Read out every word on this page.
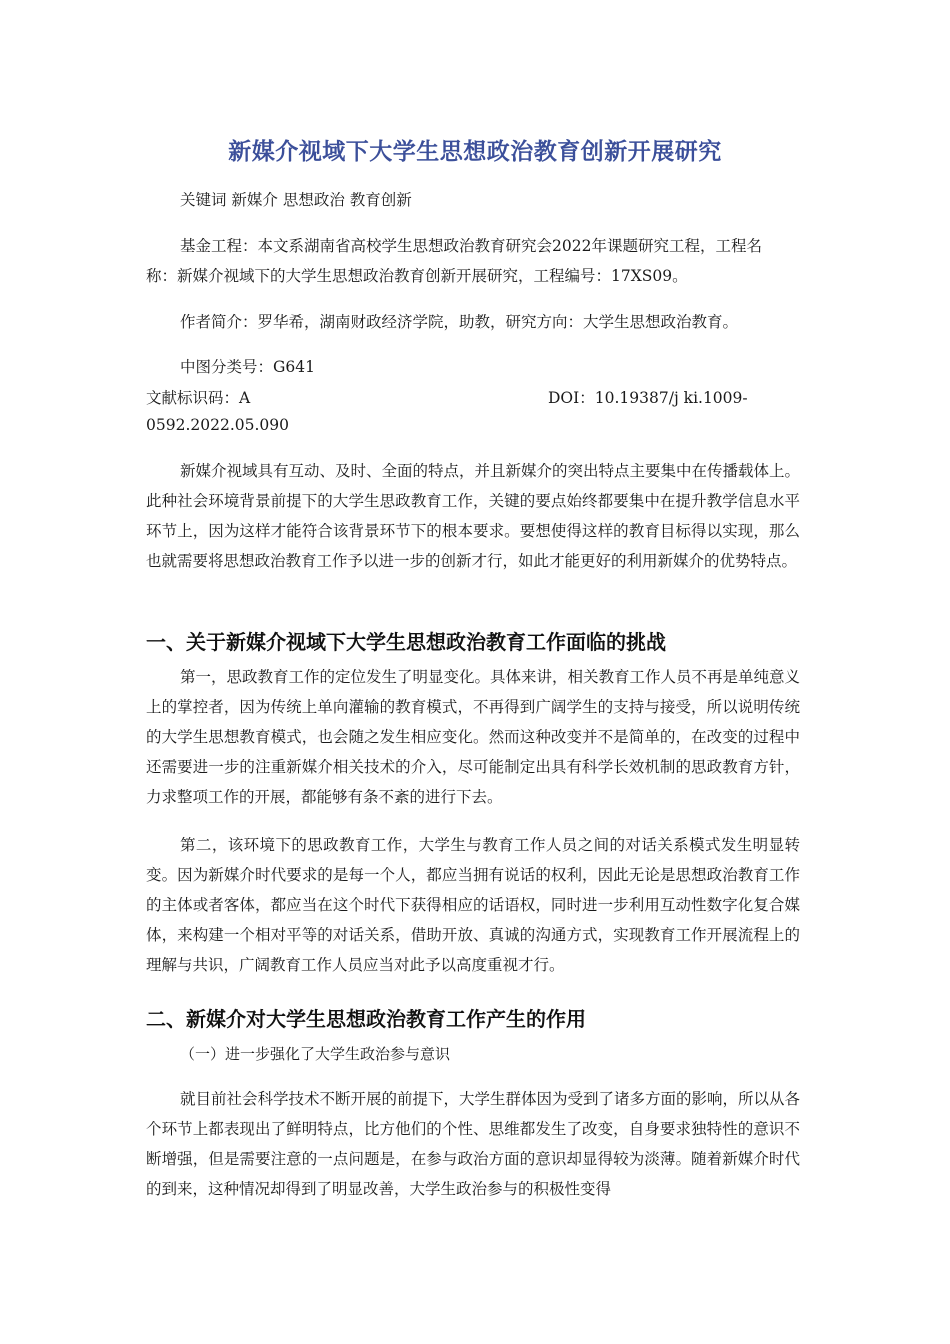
新媒介视域下大学生思想政治教育创新开展研究
关键词 新媒介 思想政治 教育创新
基金工程：本文系湖南省高校学生思想政治教育研究会2022年课题研究工程，工程名
称：新媒介视域下的大学生思想政治教育创新开展研究，工程编号：17XS09。
作者简介：罗华希，湖南财政经济学院，助教，研究方向：大学生思想政治教育。
中图分类号：G641
文献标识码：A	DOI：10.19387/j ki.1009-
0592.2022.05.090
新媒介视域具有互动、及时、全面的特点，并且新媒介的突出特点主要集中在传播载体上。此种社会环境背景前提下的大学生思政教育工作，关键的要点始终都要集中在提升教学信息水平环节上，因为这样才能符合该背景环节下的根本要求。要想使得这样的教育目标得以实现，那么也就需要将思想政治教育工作予以进一步的创新才行，如此才能更好的利用新媒介的优势特点。
一、关于新媒介视域下大学生思想政治教育工作面临的挑战
第一，思政教育工作的定位发生了明显变化。具体来讲，相关教育工作人员不再是单纯意义上的掌控者，因为传统上单向灌输的教育模式，不再得到广阔学生的支持与接受，所以说明传统的大学生思想教育模式，也会随之发生相应变化。然而这种改变并不是简单的，在改变的过程中还需要进一步的注重新媒介相关技术的介入，尽可能制定出具有科学长效机制的思政教育方针，力求整项工作的开展，都能够有条不紊的进行下去。
第二，该环境下的思政教育工作，大学生与教育工作人员之间的对话关系模式发生明显转变。因为新媒介时代要求的是每一个人，都应当拥有说话的权利，因此无论是思想政治教育工作的主体或者客体，都应当在这个时代下获得相应的话语权，同时进一步利用互动性数字化复合媒体，来构建一个相对平等的对话关系，借助开放、真诚的沟通方式，实现教育工作开展流程上的理解与共识，广阔教育工作人员应当对此予以高度重视才行。
二、新媒介对大学生思想政治教育工作产生的作用
（一）进一步强化了大学生政治参与意识
就目前社会科学技术不断开展的前提下，大学生群体因为受到了诸多方面的影响，所以从各个环节上都表现出了鲜明特点，比方他们的个性、思维都发生了改变，自身要求独特性的意识不断增强，但是需要注意的一点问题是，在参与政治方面的意识却显得较为淡薄。随着新媒介时代的到来，这种情况却得到了明显改善，大学生政治参与的积极性变得
